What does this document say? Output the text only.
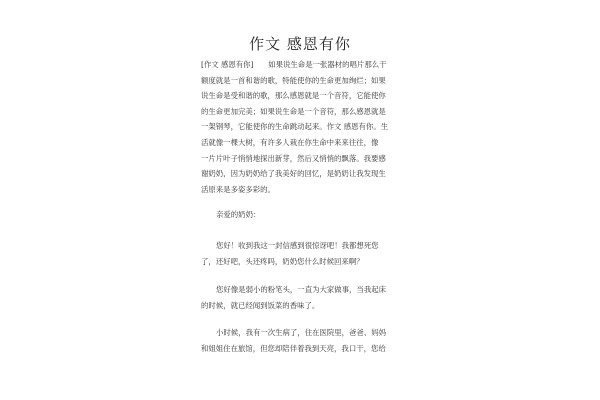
作文 感恩有你
[作文 感恩有你]　　如果说生命是一张器材的唱片那么干
额度就是一首和谐的歌，特能使你的生命更加绚烂；如果
说生命是受和谐的歌，那么感恩就是一个音符，它能使你
的生命更加完美；如果说生命是一个音符，那么感恩就是
一架钢琴，它能使你的生命跳动起来。作文 感恩有你。生
活就像一棵大树，有许多人栽在你生命中来来往往，像
一片片叶子悄悄地探出新芽，然后又悄悄的飘落。我要感
谢奶奶，因为奶奶给了我美好的回忆，是奶奶让我发现生
活原来是多姿多彩的。
亲爱的奶奶：
您好！收到我这一封信感到很惊讶吧！我都想死您
了，还好吧，头还疼吗，奶奶您什么时候回来啊？
您好像是弱小的粉笔头，一直为大家做事，当我起床
的时候，就已经闻到饭菜的香味了。
小时候，我有一次生病了，住在医院里，爸爸、妈妈
和姐姐住在旅馆，但您却陪伴着我到天亮，我口干，您给
